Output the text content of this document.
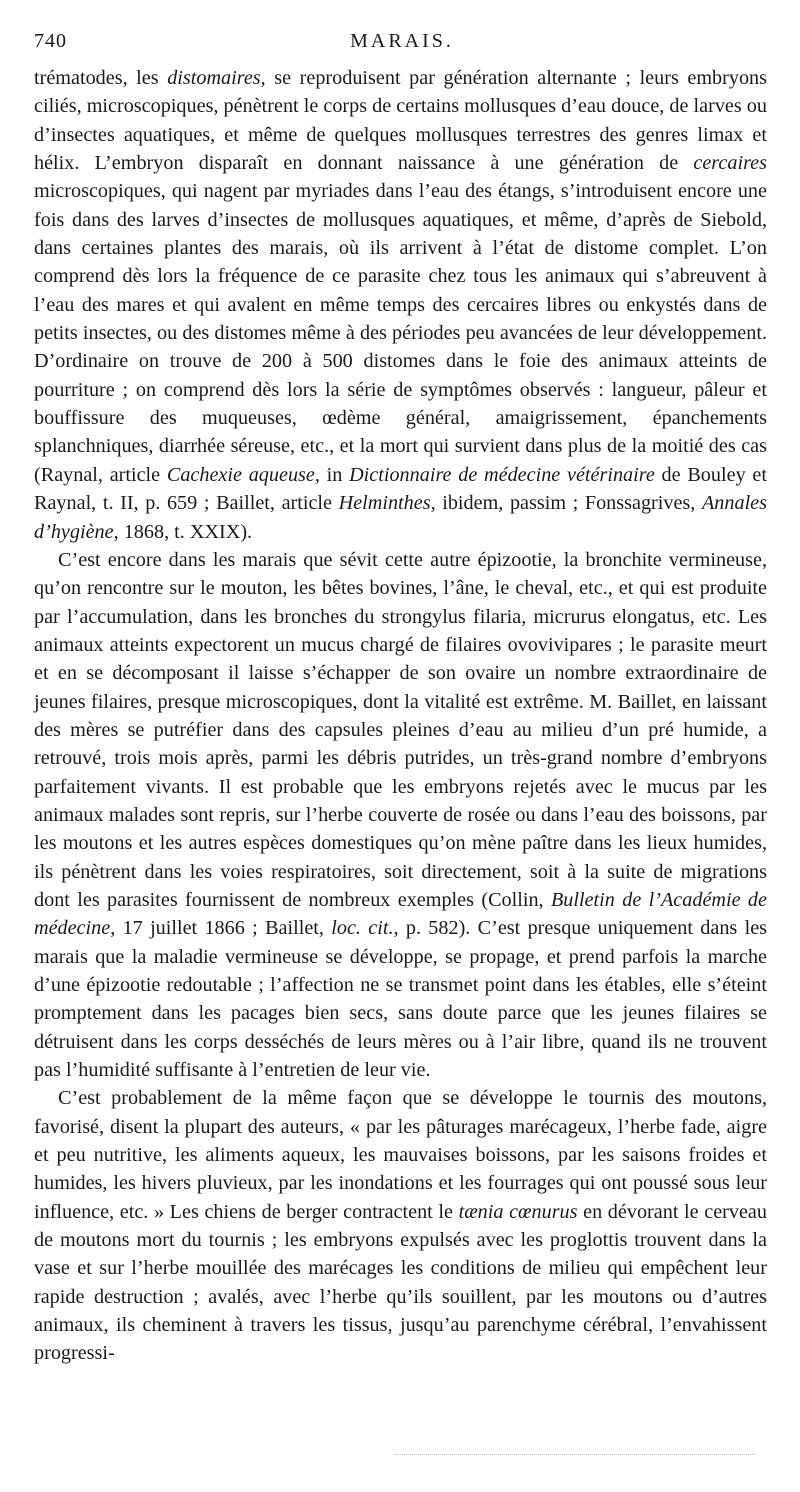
740	MARAIS.

trématodes, les distomaires, se reproduisent par génération alternante ; leurs embryons ciliés, microscopiques, pénètrent le corps de certains mollusques d’eau douce, de larves ou d’insectes aquatiques, et même de quelques mollusques terrestres des genres limax et hélix. L’embryon disparaît en donnant naissance à une génération de cercaires microscopiques, qui nagent par myriades dans l’eau des étangs, s’introduisent encore une fois dans des larves d’insectes de mollusques aquatiques, et même, d’après de Siebold, dans certaines plantes des marais, où ils arrivent à l’état de distome complet. L’on comprend dès lors la fréquence de ce parasite chez tous les animaux qui s’abreuvent à l’eau des mares et qui avalent en même temps des cercaires libres ou enkystés dans de petits insectes, ou des distomes même à des périodes peu avancées de leur développement. D’ordinaire on trouve de 200 à 500 distomes dans le foie des animaux atteints de pourriture ; on comprend dès lors la série de symptômes observés : langueur, pâleur et bouffissure des muqueuses, œdème général, amaigrissement, épanchements splanchniques, diarrhée séreuse, etc., et la mort qui survient dans plus de la moitié des cas (Raynal, article Cachexie aqueuse, in Dictionnaire de médecine vétérinaire de Bouley et Raynal, t. II, p. 659 ; Baillet, article Helminthes, ibidem, passim ; Fonssagrives, Annales d’hygiène, 1868, t. XXIX).

C’est encore dans les marais que sévit cette autre épizootie, la bronchite vermineuse, qu’on rencontre sur le mouton, les bêtes bovines, l’âne, le cheval, etc., et qui est produite par l’accumulation, dans les bronches du strongylus filaria, micrurus elongatus, etc. Les animaux atteints expectorent un mucus chargé de filaires ovovivipares ; le parasite meurt et en se décomposant il laisse s’échapper de son ovaire un nombre extraordinaire de jeunes filaires, presque microscopiques, dont la vitalité est extrême. M. Baillet, en laissant des mères se putréfier dans des capsules pleines d’eau au milieu d’un pré humide, a retrouvé, trois mois après, parmi les débris putrides, un très-grand nombre d’embryons parfaitement vivants. Il est probable que les embryons rejetés avec le mucus par les animaux malades sont repris, sur l’herbe couverte de rosée ou dans l’eau des boissons, par les moutons et les autres espèces domestiques qu’on mène paître dans les lieux humides, ils pénètrent dans les voies respiratoires, soit directement, soit à la suite de migrations dont les parasites fournissent de nombreux exemples (Collin, Bulletin de l’Académie de médecine, 17 juillet 1866 ; Baillet, loc. cit., p. 582). C’est presque uniquement dans les marais que la maladie vermineuse se développe, se propage, et prend parfois la marche d’une épizootie redoutable ; l’affection ne se transmet point dans les étables, elle s’éteint promptement dans les pacages bien secs, sans doute parce que les jeunes filaires se détruisent dans les corps desséchés de leurs mères ou à l’air libre, quand ils ne trouvent pas l’humidité suffisante à l’entretien de leur vie.

C’est probablement de la même façon que se développe le tournis des moutons, favorisé, disent la plupart des auteurs, « par les pâturages marécageux, l’herbe fade, aigre et peu nutritive, les aliments aqueux, les mauvaises boissons, par les saisons froides et humides, les hivers pluvieux, par les inondations et les fourrages qui ont poussé sous leur influence, etc. » Les chiens de berger contractent le tænia cœnurus en dévorant le cerveau de moutons mort du tournis ; les embryons expulsés avec les proglottis trouvent dans la vase et sur l’herbe mouillée des marécages les conditions de milieu qui empêchent leur rapide destruction ; avalés, avec l’herbe qu’ils souillent, par les moutons ou d’autres animaux, ils cheminent à travers les tissus, jusqu’au parenchyme cérébral, l’envahissent progressi-
